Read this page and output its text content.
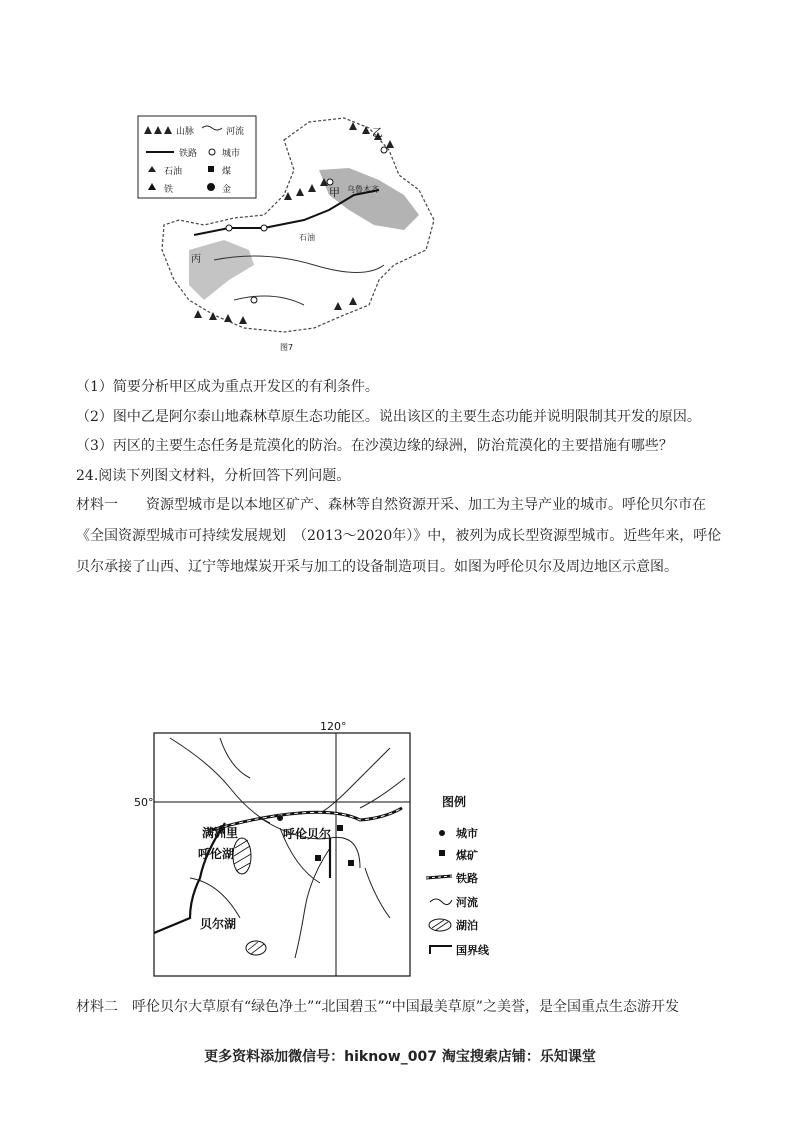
山脉	河流
铁路	城市
石油	煤
铁	金	甲 乌鲁木齐
乙
丙
石油
图7
（1）简要分析甲区成为重点开发区的有利条件。
（2）图中乙是阿尔泰山地森林草原生态功能区。说出该区的主要生态功能并说明限制其开发的原因。
（3）丙区的主要生态任务是荒漠化的防治。在沙漠边缘的绿洲，防治荒漠化的主要措施有哪些？
24.阅读下列图文材料，分析回答下列问题。
材料一　　资源型城市是以本地区矿产、森林等自然资源开采、加工为主导产业的城市。呼伦贝尔市在
《全国资源型城市可持续发展规划　（2013～2020年）》中，被列为成长型资源型城市。近些年来，呼伦
贝尔承接了山西、辽宁等地煤炭开采与加工的设备制造项目。如图为呼伦贝尔及周边地区示意图。
120°
50°
满洲里	呼伦贝尔
呼伦湖
贝尔湖
图例
城市
煤矿
铁路
河流
湖泊
国界线
材料二　呼伦贝尔大草原有“绿色净土”“北国碧玉”“中国最美草原”之美誉，是全国重点生态游开发
更多资料添加微信号：hiknow_007 淘宝搜索店铺：乐知课堂
